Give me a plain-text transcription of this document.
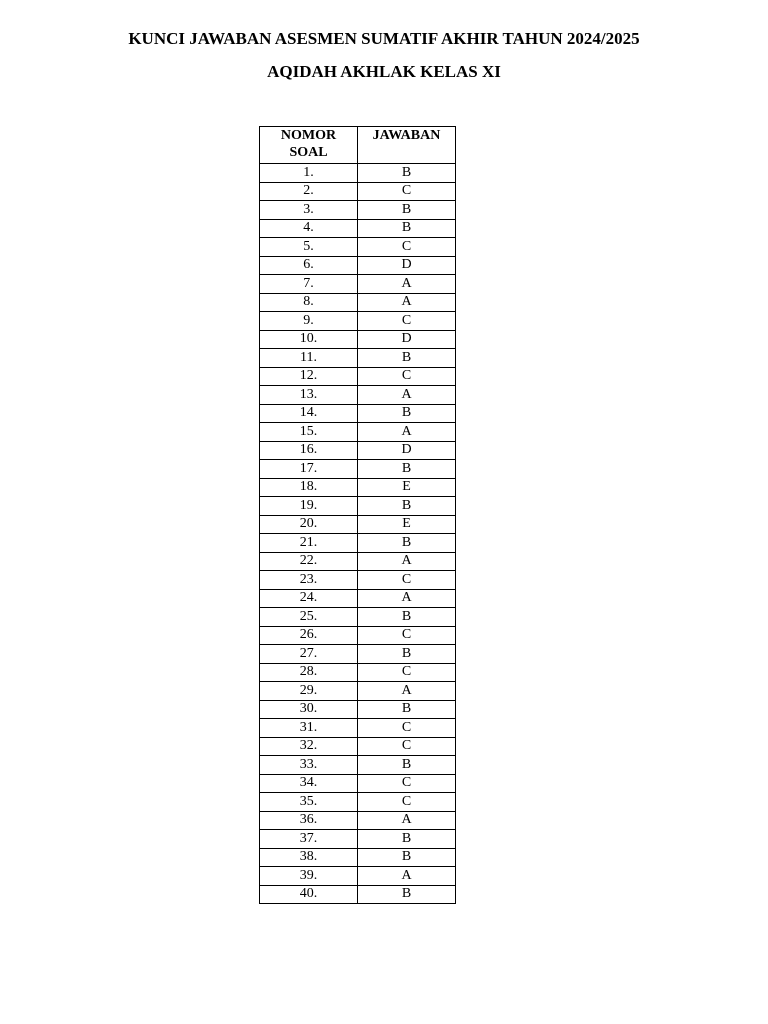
KUNCI JAWABAN ASESMEN SUMATIF AKHIR TAHUN 2024/2025
AQIDAH AKHLAK KELAS XI
NOMOR
SOAL	JAWABAN
1.	B
2.	C
3.	B
4.	B
5.	C
6.	D
7.	A
8.	A
9.	C
10.	D
11.	B
12.	C
13.	A
14.	B
15.	A
16.	D
17.	B
18.	E
19.	B
20.	E
21.	B
22.	A
23.	C
24.	A
25.	B
26.	C
27.	B
28.	C
29.	A
30.	B
31.	C
32.	C
33.	B
34.	C
35.	C
36.	A
37.	B
38.	B
39.	A
40.	B
